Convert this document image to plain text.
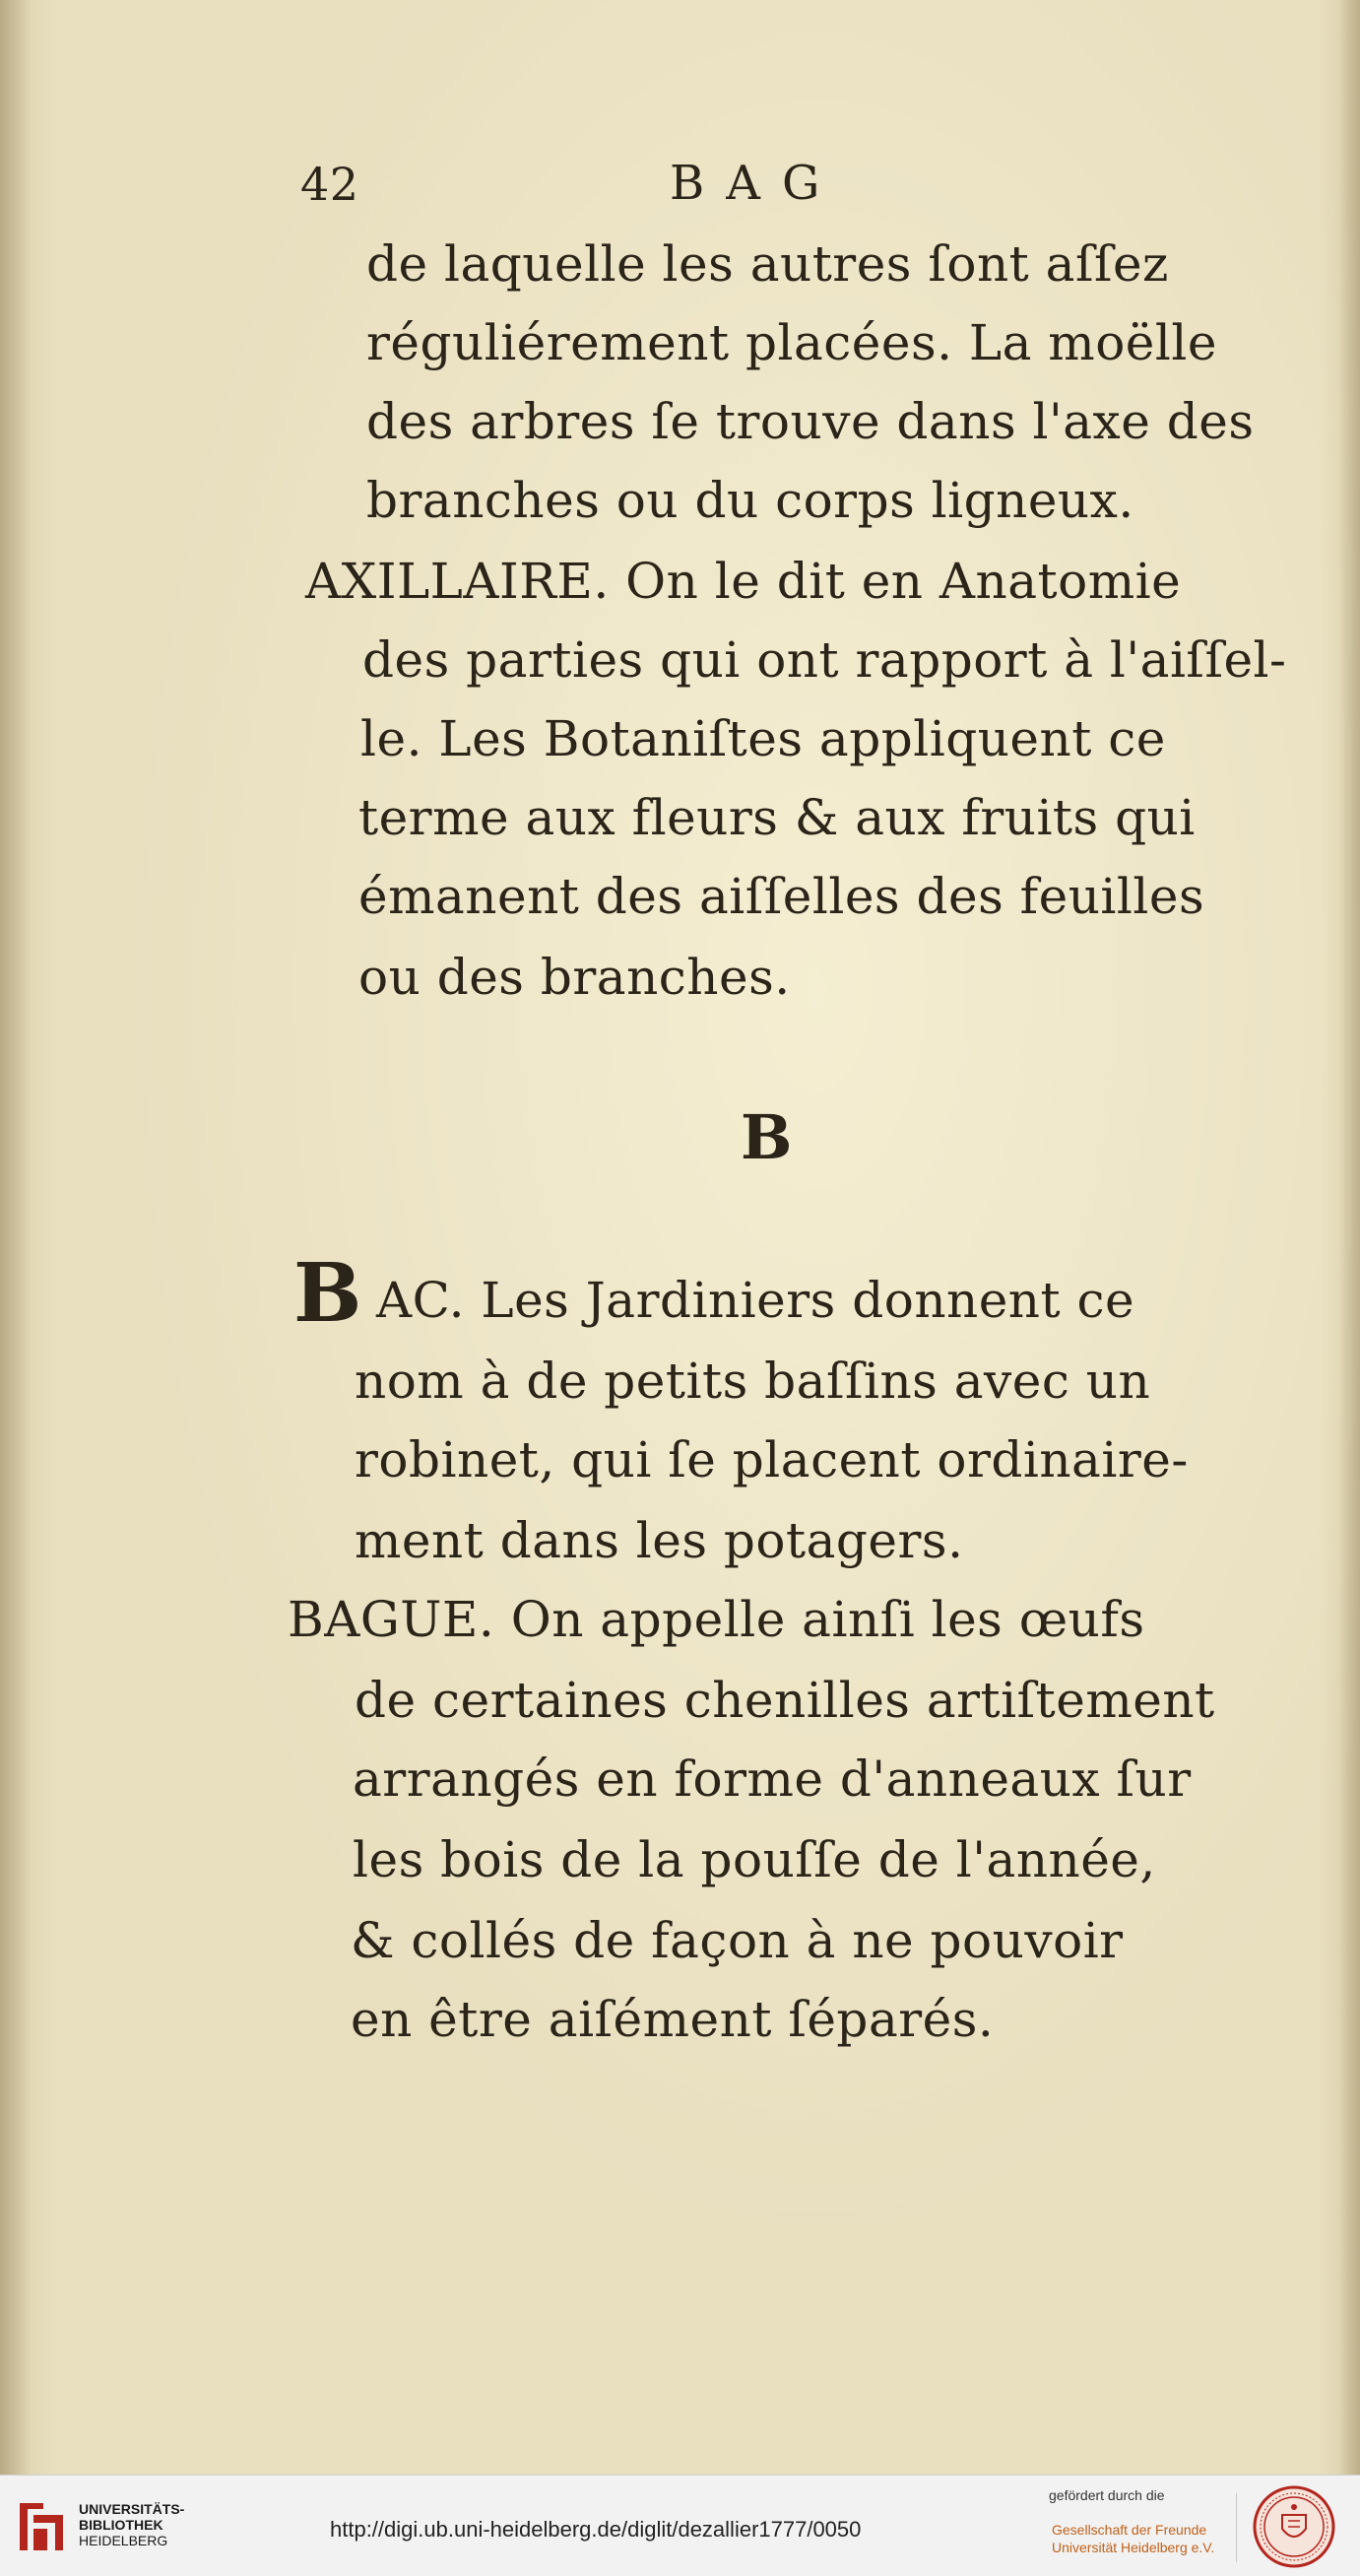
42	BAG
de laquelle les autres ſont aſſez
réguliérement placées. La moëlle
des arbres ſe trouve dans l'axe des
branches ou du corps ligneux.
AXILLAIRE. On le dit en Anatomie
des parties qui ont rapport à l'aiſſel-
le. Les Botaniſtes appliquent ce
terme aux fleurs & aux fruits qui
émanent des aiſſelles des feuilles
ou des branches.
B
B AC. Les Jardiniers donnent ce
nom à de petits baſſins avec un
robinet, qui ſe placent ordinaire-
ment dans les potagers.
BAGUE. On appelle ainſi les œufs
de certaines chenilles artiſtement
arrangés en forme d'anneaux ſur
les bois de la pouſſe de l'année,
& collés de façon à ne pouvoir
en être aiſément ſéparés.
UNIVERSITÄTS-
BIBLIOTHEK
HEIDELBERG	http://digi.ub.uni-heidelberg.de/diglit/dezallier1777/0050
gefördert durch die
Gesellschaft der Freunde
Universität Heidelberg e.V.
